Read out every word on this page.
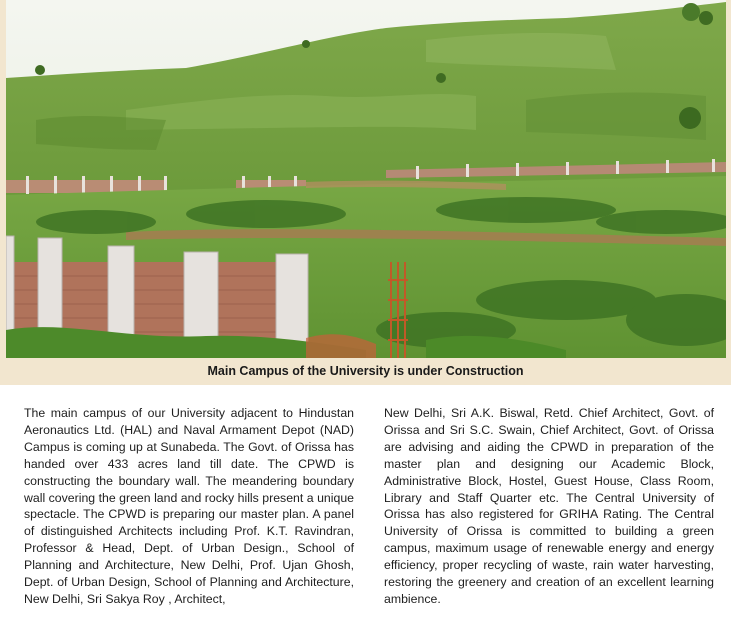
Main Campus of the University is under Construction
The main campus of our University adjacent to Hindustan Aeronautics Ltd. (HAL) and Naval Armament Depot (NAD) Campus is coming up at Sunabeda. The Govt. of Orissa has handed over 433 acres land till date. The CPWD is constructing the boundary wall. The meandering boundary wall covering the green land and rocky hills present a unique spectacle. The CPWD is preparing our master plan. A panel of distinguished Architects including Prof. K.T. Ravindran, Professor & Head, Dept. of Urban Design., School of Planning and Architecture, New Delhi, Prof. Ujan Ghosh, Dept. of Urban Design, School of Planning and Architecture, New Delhi, Sri Sakya Roy , Architect,
New Delhi, Sri A.K. Biswal, Retd. Chief Architect, Govt. of Orissa and Sri S.C. Swain, Chief Architect, Govt. of Orissa are advising and aiding the CPWD in preparation of the master plan and designing our Academic Block, Administrative Block, Hostel, Guest House, Class Room, Library and Staff Quarter etc. The Central University of Orissa has also registered for GRIHA Rating. The Central University of Orissa is committed to building a green campus, maximum usage of renewable energy and energy efficiency, proper recycling of waste, rain water harvesting, restoring the greenery and creation of an excellent learning ambience.
